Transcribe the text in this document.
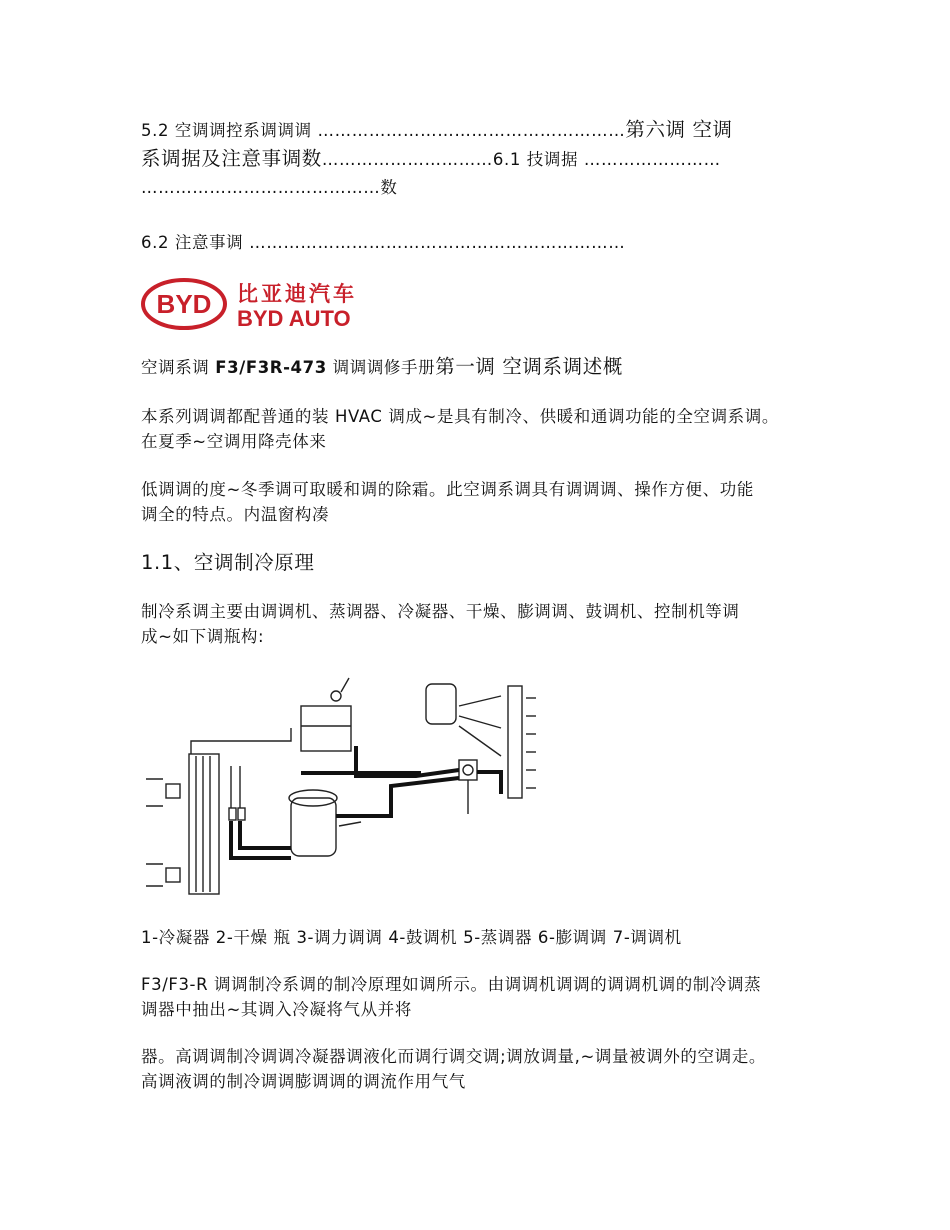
5.2 空调调控系调调调 ………………………………………………第六调 空调
系调据及注意事调数…………………………6.1 技调据 ……………………
……………………………………数
6.2 注意事调 …………………………………………………………
BYD 比亚迪汽车
BYD AUTO
空调系调 F3/F3R-473 调调调修手册第一调 空调系调述概
本系列调调都配普通的装 HVAC 调成~是具有制冷、供暖和通调功能的全空调系调。
在夏季~空调用降壳体来
低调调的度~冬季调可取暖和调的除霜。此空调系调具有调调调、操作方便、功能
调全的特点。内温窗构凑
1.1、空调制冷原理
制冷系调主要由调调机、蒸调器、冷凝器、干燥、膨调调、鼓调机、控制机等调
成~如下调瓶构:
1-冷凝器 2-干燥 瓶 3-调力调调 4-鼓调机 5-蒸调器 6-膨调调 7-调调机
F3/F3-R 调调制冷系调的制冷原理如调所示。由调调机调调的调调机调的制冷调蒸
调器中抽出~其调入冷凝将气从并将
器。高调调制冷调调冷凝器调液化而调行调交调;调放调量,~调量被调外的空调走。
高调液调的制冷调调膨调调的调流作用气气
